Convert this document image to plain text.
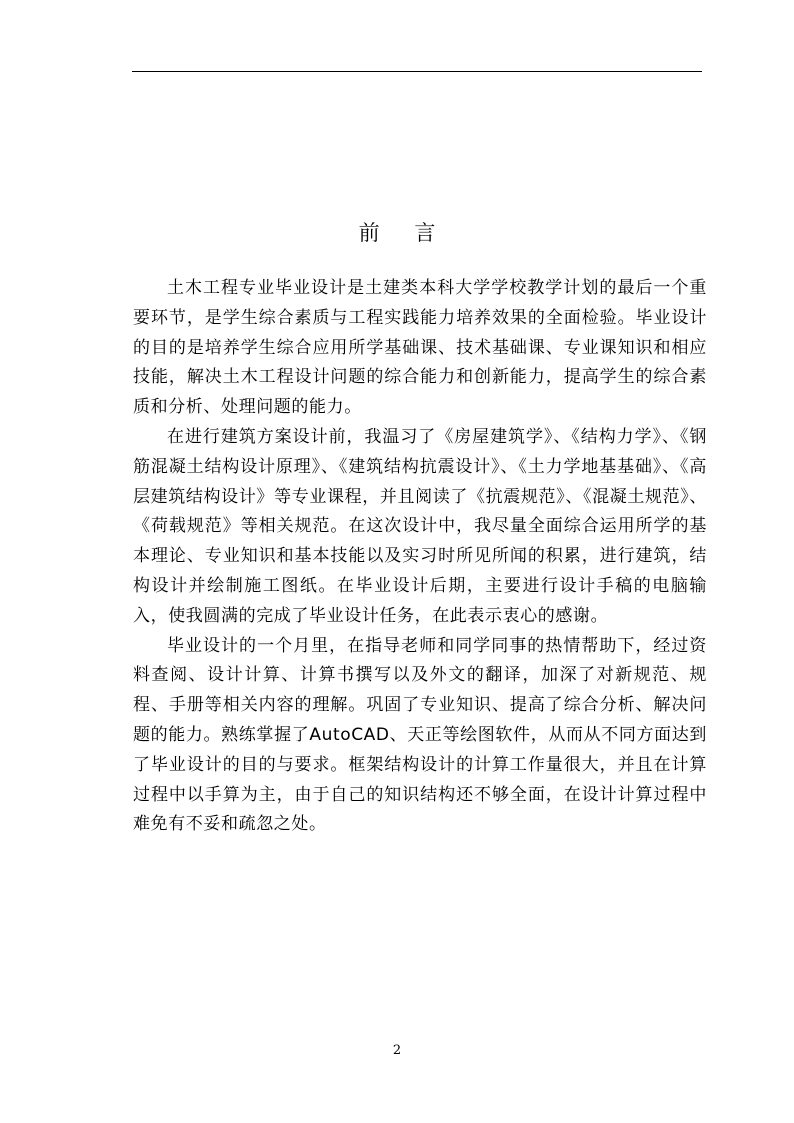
前 言

土木工程专业毕业设计是土建类本科大学学校教学计划的最后一个重要环节，是学生综合素质与工程实践能力培养效果的全面检验。毕业设计的目的是培养学生综合应用所学基础课、技术基础课、专业课知识和相应技能，解决土木工程设计问题的综合能力和创新能力，提高学生的综合素质和分析、处理问题的能力。

在进行建筑方案设计前，我温习了《房屋建筑学》、《结构力学》、《钢筋混凝土结构设计原理》、《建筑结构抗震设计》、《土力学地基基础》、《高层建筑结构设计》等专业课程，并且阅读了《抗震规范》、《混凝土规范》、《荷载规范》等相关规范。在这次设计中，我尽量全面综合运用所学的基本理论、专业知识和基本技能以及实习时所见所闻的积累，进行建筑，结构设计并绘制施工图纸。在毕业设计后期，主要进行设计手稿的电脑输入，使我圆满的完成了毕业设计任务，在此表示衷心的感谢。

毕业设计的一个月里，在指导老师和同学同事的热情帮助下，经过资料查阅、设计计算、计算书撰写以及外文的翻译，加深了对新规范、规程、手册等相关内容的理解。巩固了专业知识、提高了综合分析、解决问题的能力。熟练掌握了AutoCAD、天正等绘图软件，从而从不同方面达到了毕业设计的目的与要求。框架结构设计的计算工作量很大，并且在计算过程中以手算为主，由于自己的知识结构还不够全面，在设计计算过程中难免有不妥和疏忽之处。

2
